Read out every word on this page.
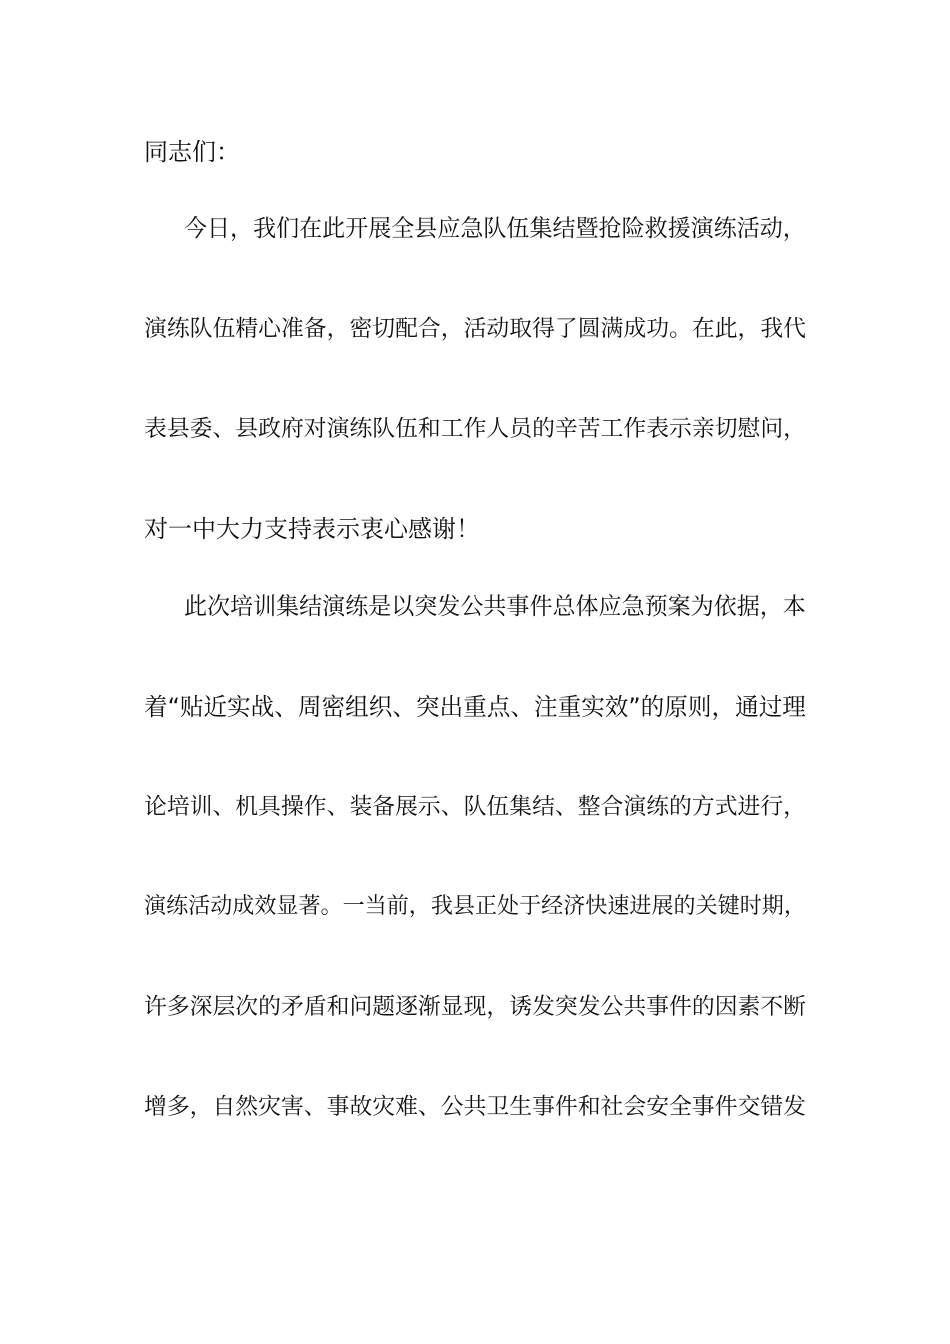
同志们：
今日，我们在此开展全县应急队伍集结暨抢险救援演练活动，
演练队伍精心准备，密切配合，活动取得了圆满成功。在此，我代
表县委、县政府对演练队伍和工作人员的辛苦工作表示亲切慰问，
对一中大力支持表示衷心感谢！
此次培训集结演练是以突发公共事件总体应急预案为依据，本
着“贴近实战、周密组织、突出重点、注重实效”的原则，通过理
论培训、机具操作、装备展示、队伍集结、整合演练的方式进行，
演练活动成效显著。一当前，我县正处于经济快速进展的关键时期，
许多深层次的矛盾和问题逐渐显现，诱发突发公共事件的因素不断
增多，自然灾害、事故灾难、公共卫生事件和社会安全事件交错发
